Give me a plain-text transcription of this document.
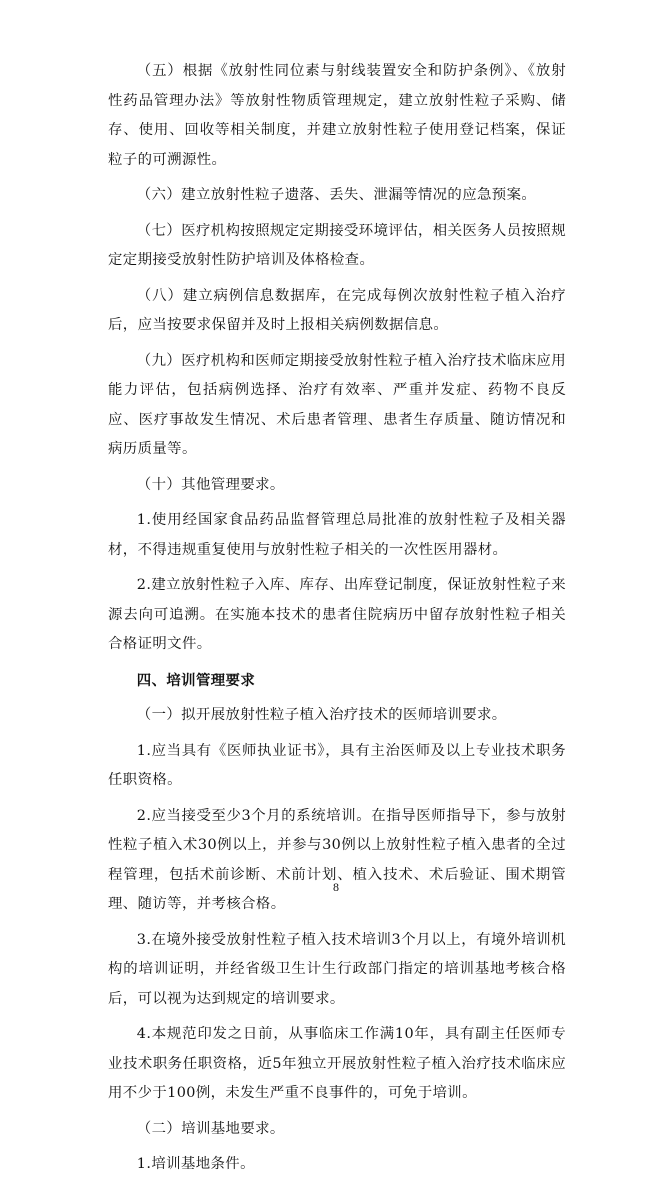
（五）根据《放射性同位素与射线装置安全和防护条例》、《放射性药品管理办法》等放射性物质管理规定，建立放射性粒子采购、储存、使用、回收等相关制度，并建立放射性粒子使用登记档案，保证粒子的可溯源性。

（六）建立放射性粒子遗落、丢失、泄漏等情况的应急预案。

（七）医疗机构按照规定定期接受环境评估，相关医务人员按照规定定期接受放射性防护培训及体格检查。

（八）建立病例信息数据库，在完成每例次放射性粒子植入治疗后，应当按要求保留并及时上报相关病例数据信息。

（九）医疗机构和医师定期接受放射性粒子植入治疗技术临床应用能力评估，包括病例选择、治疗有效率、严重并发症、药物不良反应、医疗事故发生情况、术后患者管理、患者生存质量、随访情况和病历质量等。

（十）其他管理要求。

1.使用经国家食品药品监督管理总局批准的放射性粒子及相关器材，不得违规重复使用与放射性粒子相关的一次性医用器材。

2.建立放射性粒子入库、库存、出库登记制度，保证放射性粒子来源去向可追溯。在实施本技术的患者住院病历中留存放射性粒子相关合格证明文件。

四、培训管理要求

（一）拟开展放射性粒子植入治疗技术的医师培训要求。

1.应当具有《医师执业证书》，具有主治医师及以上专业技术职务任职资格。

2.应当接受至少3个月的系统培训。在指导医师指导下，参与放射性粒子植入术30例以上，并参与30例以上放射性粒子植入患者的全过程管理，包括术前诊断、术前计划、植入技术、术后验证、围术期管理、随访等，并考核合格。

3.在境外接受放射性粒子植入技术培训3个月以上，有境外培训机构的培训证明，并经省级卫生计生行政部门指定的培训基地考核合格后，可以视为达到规定的培训要求。

4.本规范印发之日前，从事临床工作满10年，具有副主任医师专业技术职务任职资格，近5年独立开展放射性粒子植入治疗技术临床应用不少于100例，未发生严重不良事件的，可免于培训。

（二）培训基地要求。

1.培训基地条件。

8
